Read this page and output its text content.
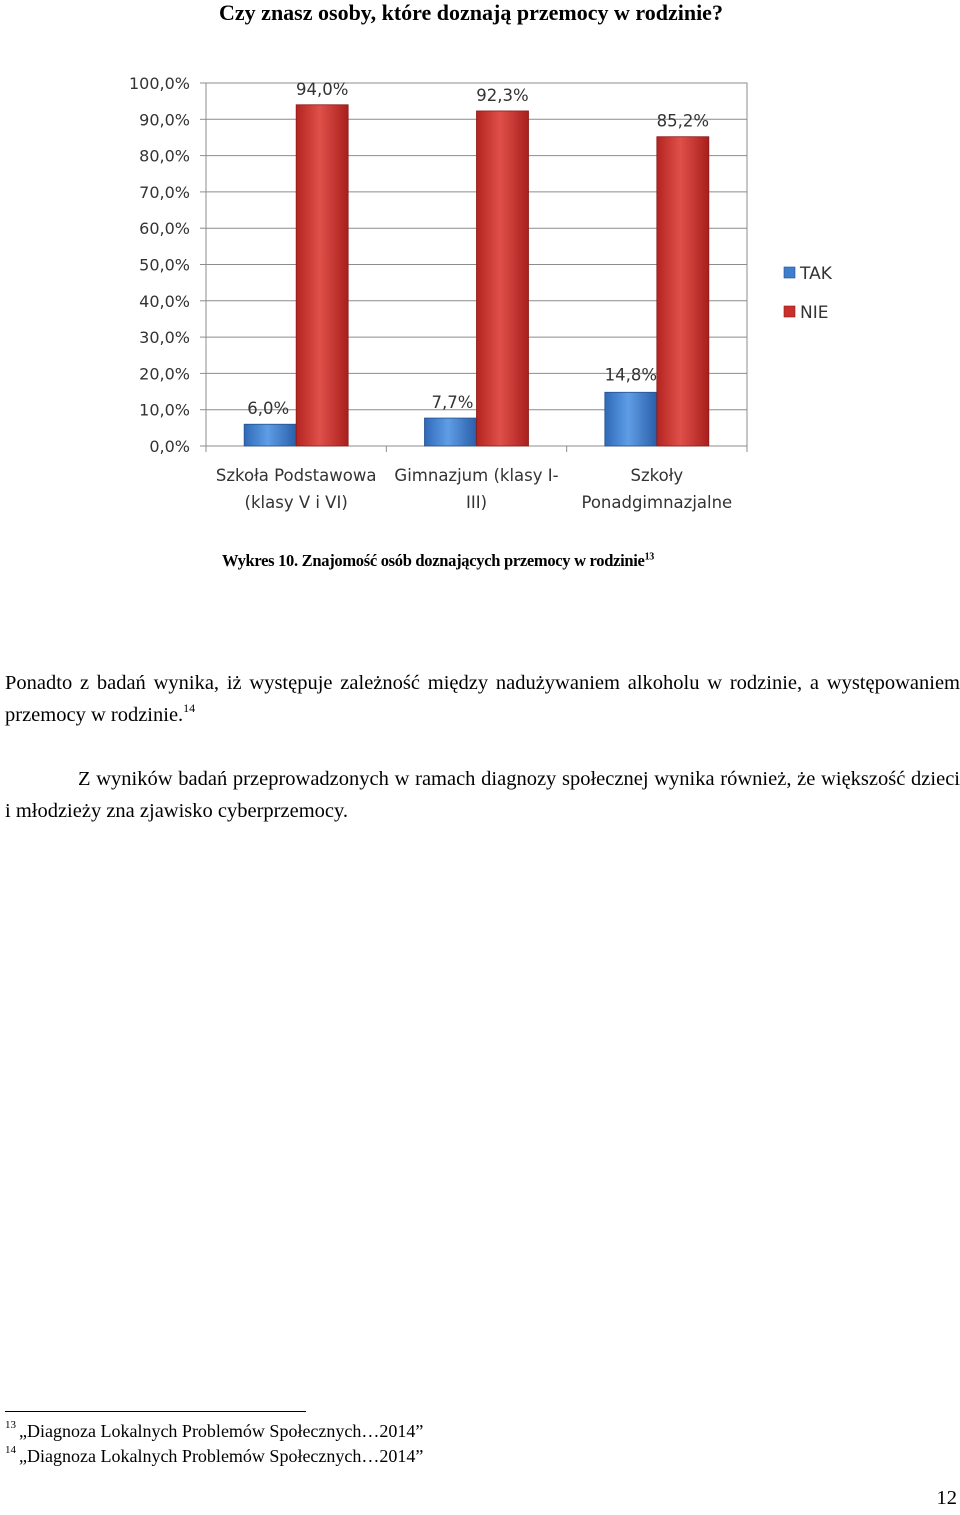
Czy znasz osoby, które doznają przemocy w rodzinie?

0,0%
10,0%
20,0%
30,0%
40,0%
50,0%
60,0%
70,0%
80,0%
90,0%
100,0%
Szkoła Podstawowa
(klasy V i VI)
Gimnazjum (klasy I-
III)
Szkoły
Ponadgimnazjalne
6,0%	7,7%
14,8%
94,0%	92,3%
85,2%
TAK
NIE
Wykres 10. Znajomość osób doznających przemocy w rodzinie$^{13}$

Ponadto z badań wynika, iż występuje zależność między nadużywaniem alkoholu w rodzinie, a występowaniem przemocy w rodzinie.$^{14}$

Z wyników badań przeprowadzonych w ramach diagnozy społecznej wynika również, że większość dzieci i młodzieży zna zjawisko cyberprzemocy.

$^{13}$ „Diagnoza Lokalnych Problemów Społecznych…2014”
$^{14}$ „Diagnoza Lokalnych Problemów Społecznych…2014”
12
